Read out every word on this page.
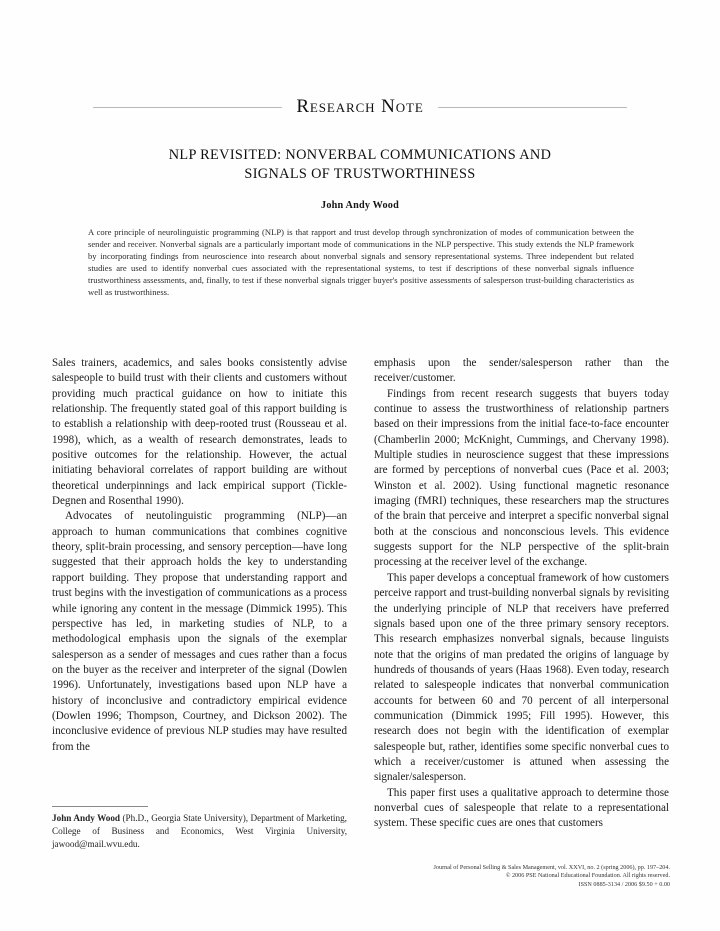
Research Note
NLP REVISITED: NONVERBAL COMMUNICATIONS AND
SIGNALS OF TRUSTWORTHINESS
John Andy Wood
A core principle of neurolinguistic programming (NLP) is that rapport and trust develop through synchronization of modes of communication between the sender and receiver. Nonverbal signals are a particularly important mode of communications in the NLP perspective. This study extends the NLP framework by incorporating findings from neuroscience into research about nonverbal signals and sensory representational systems. Three independent but related studies are used to identify nonverbal cues associated with the representational systems, to test if descriptions of these nonverbal signals influence trustworthiness assessments, and, finally, to test if these nonverbal signals trigger buyer's positive assessments of salesperson trust-building characteristics as well as trustworthiness.

Sales trainers, academics, and sales books consistently advise salespeople to build trust with their clients and customers without providing much practical guidance on how to initiate this relationship. The frequently stated goal of this rapport building is to establish a relationship with deep-rooted trust (Rousseau et al. 1998), which, as a wealth of research demonstrates, leads to positive outcomes for the relationship. However, the actual initiating behavioral correlates of rapport building are without theoretical underpinnings and lack empirical support (Tickle-Degnen and Rosenthal 1990).

Advocates of neutolinguistic programming (NLP)—an approach to human communications that combines cognitive theory, split-brain processing, and sensory perception—have long suggested that their approach holds the key to understanding rapport building. They propose that understanding rapport and trust begins with the investigation of communications as a process while ignoring any content in the message (Dimmick 1995). This perspective has led, in marketing studies of NLP, to a methodological emphasis upon the signals of the exemplar salesperson as a sender of messages and cues rather than a focus on the buyer as the receiver and interpreter of the signal (Dowlen 1996). Unfortunately, investigations based upon NLP have a history of inconclusive and contradictory empirical evidence (Dowlen 1996; Thompson, Courtney, and Dickson 2002). The inconclusive evidence of previous NLP studies may have resulted from the

emphasis upon the sender/salesperson rather than the receiver/customer.

Findings from recent research suggests that buyers today continue to assess the trustworthiness of relationship partners based on their impressions from the initial face-to-face encounter (Chamberlin 2000; McKnight, Cummings, and Chervany 1998). Multiple studies in neuroscience suggest that these impressions are formed by perceptions of nonverbal cues (Pace et al. 2003; Winston et al. 2002). Using functional magnetic resonance imaging (fMRI) techniques, these researchers map the structures of the brain that perceive and interpret a specific nonverbal signal both at the conscious and nonconscious levels. This evidence suggests support for the NLP perspective of the split-brain processing at the receiver level of the exchange.

This paper develops a conceptual framework of how customers perceive rapport and trust-building nonverbal signals by revisiting the underlying principle of NLP that receivers have preferred signals based upon one of the three primary sensory receptors. This research emphasizes nonverbal signals, because linguists note that the origins of man predated the origins of language by hundreds of thousands of years (Haas 1968). Even today, research related to salespeople indicates that nonverbal communication accounts for between 60 and 70 percent of all interpersonal communication (Dimmick 1995; Fill 1995). However, this research does not begin with the identification of exemplar salespeople but, rather, identifies some specific nonverbal cues to which a receiver/customer is attuned when assessing the signaler/salesperson.

This paper first uses a qualitative approach to determine those nonverbal cues of salespeople that relate to a representational system. These specific cues are ones that customers

John Andy Wood (Ph.D., Georgia State University), Department of Marketing, College of Business and Economics, West Virginia University, jawood@mail.wvu.edu.
Journal of Personal Selling & Sales Management, vol. XXVI, no. 2 (spring 2006), pp. 197–204.
© 2006 PSE National Educational Foundation. All rights reserved.
ISSN 0885-3134 / 2006 $9.50 + 0.00
